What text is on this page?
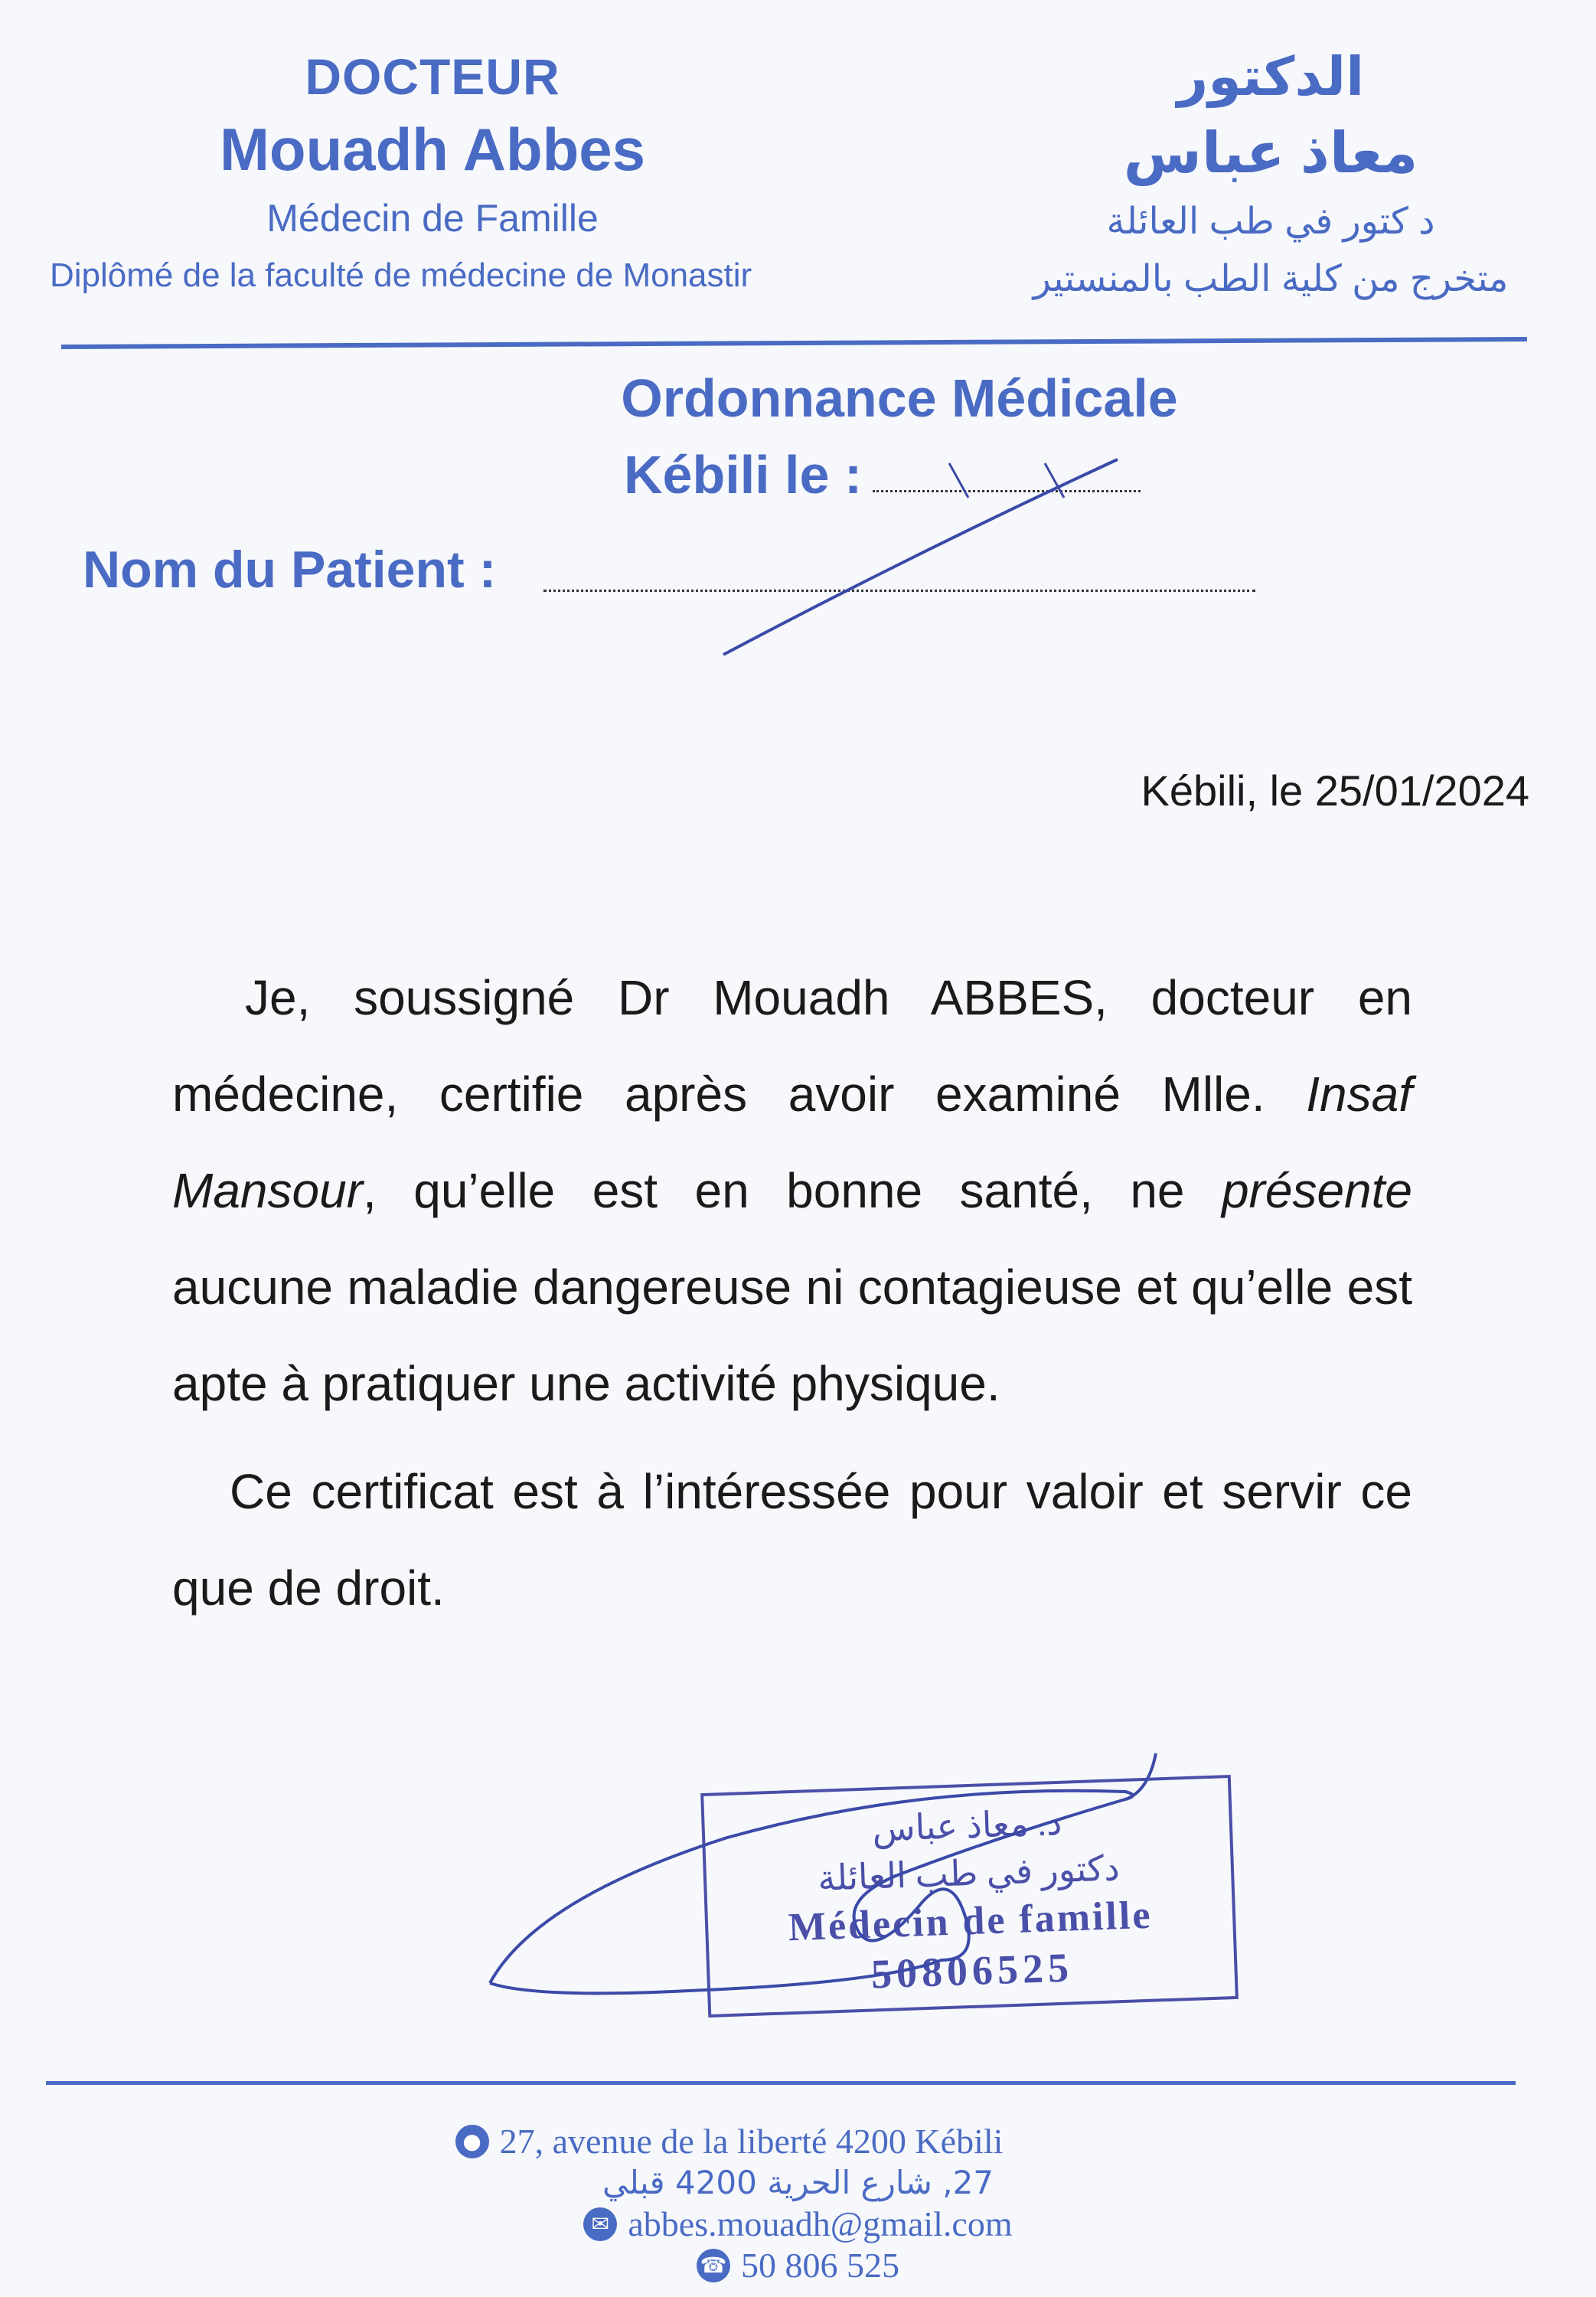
DOCTEUR
Mouadh Abbes
Médecin de Famille
Diplômé de la faculté de médecine de Monastir
الدكتور
معاذ عباس
د كتور في طب العائلة
متخرج من كلية الطب بالمنستير
Ordonnance Médicale
Kébili le :
Nom du Patient :
Kébili, le 25/01/2024

Je, soussigné Dr Mouadh ABBES, docteur en médecine, certifie après avoir examiné Mlle. Insaf Mansour, qu’elle est en bonne santé, ne présente aucune maladie dangereuse ni contagieuse et qu’elle est apte à pratiquer une activité physique.

Ce certificat est à l’intéressée pour valoir et servir ce que de droit.

د. معاذ عباس
دكتور في طب العائلة
Médecin de famille
50806525
● 27, avenue de la liberté 4200 Kébili
27, شارع الحرية 4200 قبلي
✉ abbes.mouadh@gmail.com
☎ 50 806 525
